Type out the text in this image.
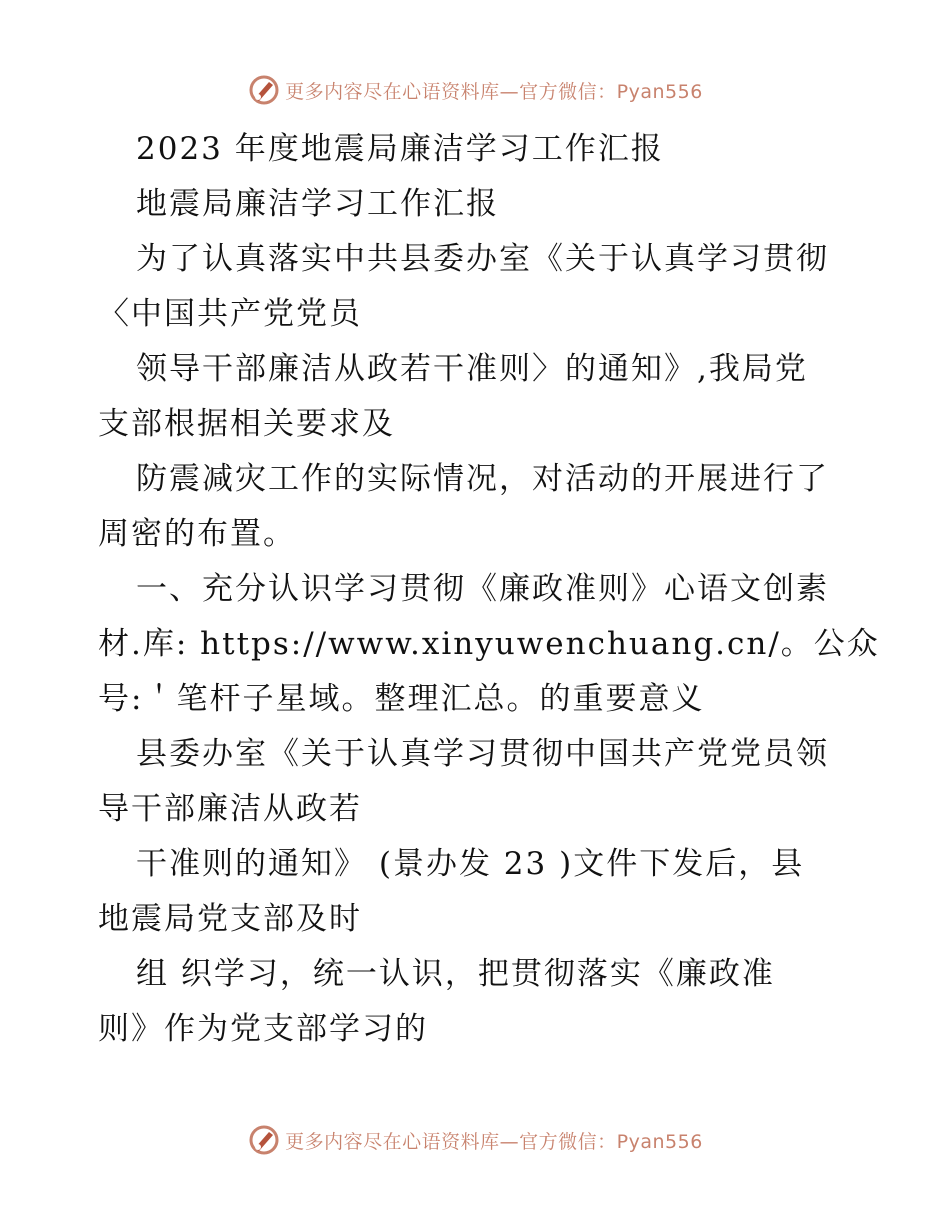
更多内容尽在心语资料库—官方微信：Pyan556
2023 年度地震局廉洁学习工作汇报
地震局廉洁学习工作汇报
为了认真落实中共县委办室《关于认真学习贯彻
〈中国共产党党员
领导干部廉洁从政若干准则〉的通知》,我局党
支部根据相关要求及
防震减灾工作的实际情况，对活动的开展进行了
周密的布置。
一、充分认识学习贯彻《廉政准则》心语文创素
材.库: https://www.xinyuwenchuang.cn/。公众
号:＇笔杆子星域。整理汇总。的重要意义
县委办室《关于认真学习贯彻中国共产党党员领
导干部廉洁从政若
干准则的通知》 (景办发 23 )文件下发后，县
地震局党支部及时
组 织学习，统一认识，把贯彻落实《廉政准
则》作为党支部学习的
更多内容尽在心语资料库—官方微信：Pyan556
